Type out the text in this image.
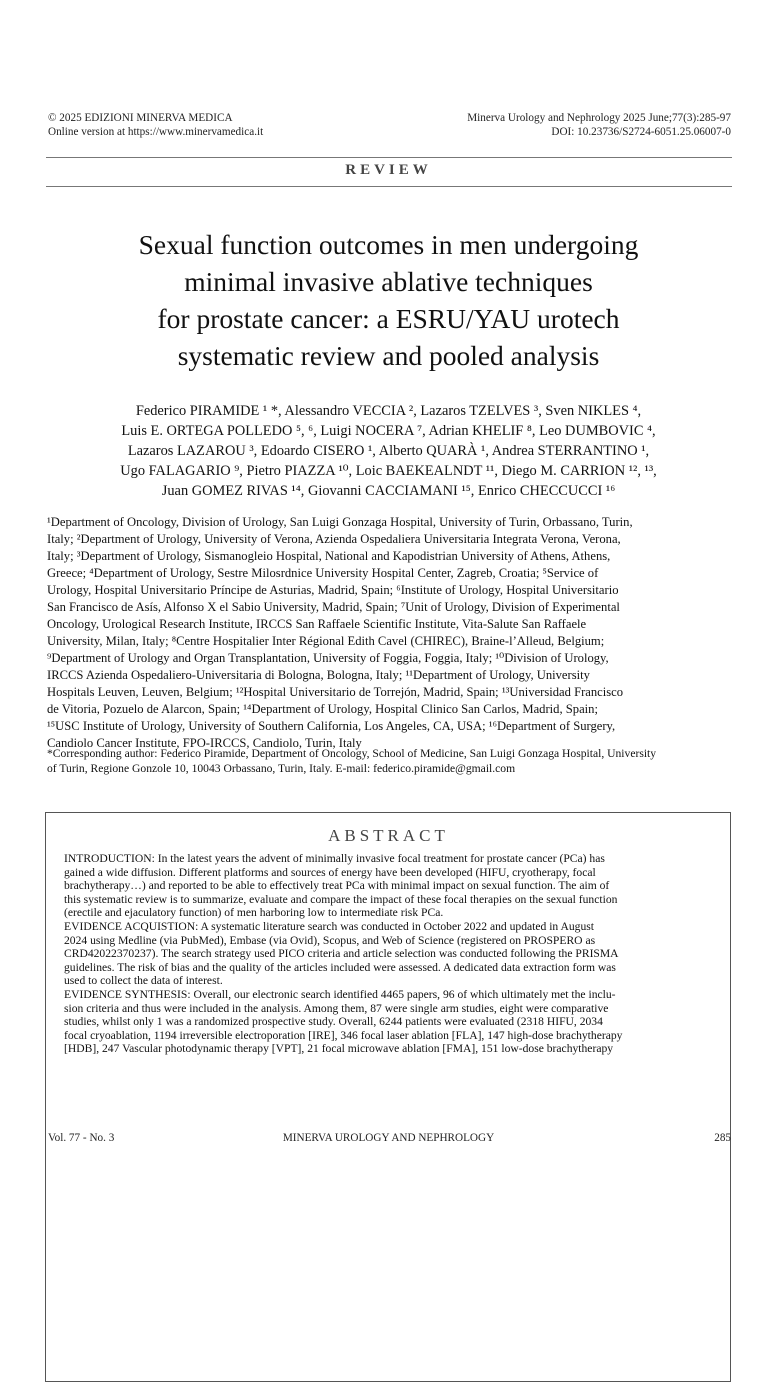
© 2025 EDIZIONI MINERVA MEDICA
Online version at https://www.minervamedica.it
Minerva Urology and Nephrology 2025 June;77(3):285-97
DOI: 10.23736/S2724-6051.25.06007-0
REVIEW
Sexual function outcomes in men undergoing
minimal invasive ablative techniques
for prostate cancer: a ESRU/YAU urotech
systematic review and pooled analysis
Federico PIRAMIDE ¹ *, Alessandro VECCIA ², Lazaros TZELVES ³, Sven NIKLES ⁴,
Luis E. ORTEGA POLLEDO ⁵, ⁶, Luigi NOCERA ⁷, Adrian KHELIF ⁸, Leo DUMBOVIC ⁴,
Lazaros LAZAROU ³, Edoardo CISERO ¹, Alberto QUARÀ ¹, Andrea STERRANTINO ¹,
Ugo FALAGARIO ⁹, Pietro PIAZZA ¹⁰, Loic BAEKEALNDT ¹¹, Diego M. CARRION ¹², ¹³,
Juan GOMEZ RIVAS ¹⁴, Giovanni CACCIAMANI ¹⁵, Enrico CHECCUCCI ¹⁶
¹Department of Oncology, Division of Urology, San Luigi Gonzaga Hospital, University of Turin, Orbassano, Turin,
Italy; ²Department of Urology, University of Verona, Azienda Ospedaliera Universitaria Integrata Verona, Verona,
Italy; ³Department of Urology, Sismanogleio Hospital, National and Kapodistrian University of Athens, Athens,
Greece; ⁴Department of Urology, Sestre Milosrdnice University Hospital Center, Zagreb, Croatia; ⁵Service of
Urology, Hospital Universitario Príncipe de Asturias, Madrid, Spain; ⁶Institute of Urology, Hospital Universitario
San Francisco de Asís, Alfonso X el Sabio University, Madrid, Spain; ⁷Unit of Urology, Division of Experimental
Oncology, Urological Research Institute, IRCCS San Raffaele Scientific Institute, Vita-Salute San Raffaele
University, Milan, Italy; ⁸Centre Hospitalier Inter Régional Edith Cavel (CHIREC), Braine-l’Alleud, Belgium;
⁹Department of Urology and Organ Transplantation, University of Foggia, Foggia, Italy; ¹⁰Division of Urology,
IRCCS Azienda Ospedaliero-Universitaria di Bologna, Bologna, Italy; ¹¹Department of Urology, University
Hospitals Leuven, Leuven, Belgium; ¹²Hospital Universitario de Torrejón, Madrid, Spain; ¹³Universidad Francisco
de Vitoria, Pozuelo de Alarcon, Spain; ¹⁴Department of Urology, Hospital Clinico San Carlos, Madrid, Spain;
¹⁵USC Institute of Urology, University of Southern California, Los Angeles, CA, USA; ¹⁶Department of Surgery,
Candiolo Cancer Institute, FPO-IRCCS, Candiolo, Turin, Italy
*Corresponding author: Federico Piramide, Department of Oncology, School of Medicine, San Luigi Gonzaga Hospital, University
of Turin, Regione Gonzole 10, 10043 Orbassano, Turin, Italy. E-mail: federico.piramide@gmail.com
ABSTRACT
INTRODUCTION: In the latest years the advent of minimally invasive focal treatment for prostate cancer (PCa) has
gained a wide diffusion. Different platforms and sources of energy have been developed (HIFU, cryotherapy, focal
brachytherapy…) and reported to be able to effectively treat PCa with minimal impact on sexual function. The aim of
this systematic review is to summarize, evaluate and compare the impact of these focal therapies on the sexual function
(erectile and ejaculatory function) of men harboring low to intermediate risk PCa.
EVIDENCE ACQUISTION: A systematic literature search was conducted in October 2022 and updated in August
2024 using Medline (via PubMed), Embase (via Ovid), Scopus, and Web of Science (registered on PROSPERO as
CRD42022370237). The search strategy used PICO criteria and article selection was conducted following the PRISMA
guidelines. The risk of bias and the quality of the articles included were assessed. A dedicated data extraction form was
used to collect the data of interest.
EVIDENCE SYNTHESIS: Overall, our electronic search identified 4465 papers, 96 of which ultimately met the inclu-
sion criteria and thus were included in the analysis. Among them, 87 were single arm studies, eight were comparative
studies, whilst only 1 was a randomized prospective study. Overall, 6244 patients were evaluated (2318 HIFU, 2034
focal cryoablation, 1194 irreversible electroporation [IRE], 346 focal laser ablation [FLA], 147 high-dose brachytherapy
[HDB], 247 Vascular photodynamic therapy [VPT], 21 focal microwave ablation [FMA], 151 low-dose brachytherapy
Vol. 77 - No. 3	MINERVA UROLOGY AND NEPHROLOGY	285
